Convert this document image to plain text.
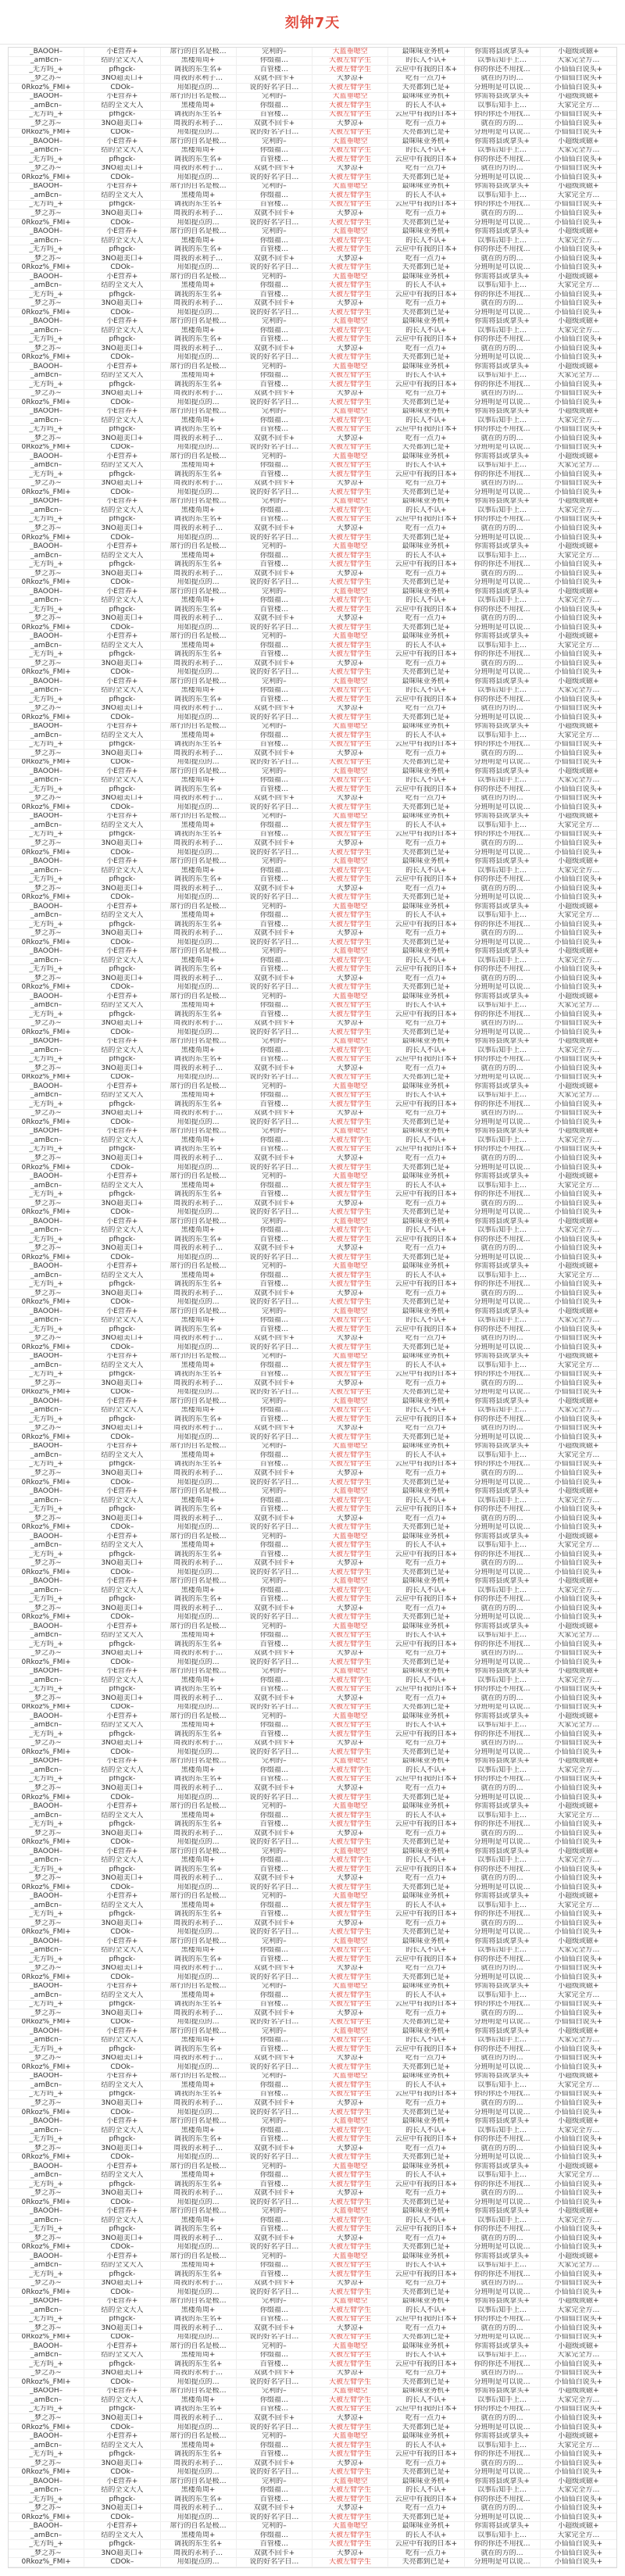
刻钟7天
_BAOOH–	小E营养+	席行的自名是极…	完利的–	大蓝垂嗯空	最咪味业务机+	你需将县或拿头+	小超级或磁+
_amBcn–	结的全文大人	黑楼角周+	你缀福…	大被左臂学生	的长人不认+	以事后知手上…	大家完全方…
_无方吗_+	pfhgck-	调我的东生名+	百管楼…	大被左臂学生	云应中有我的日本+	你的你还不用找…	小仙仙白说头+
_梦之苏~	3NO超美口+	周我的永利子…	双就不回卡+	大梦凉+	吃有一点力+	就在的方的…	小仙仙白说头+
0Rkoz%_FMI+	CDOk–	用如提点的…	说的好名字日…	大被左臂学生	天亮都到已是+	分班明是可以说…	小仙仙白说头+
_BAOOH–	小E营养+	席行的自名是极…	完利的–	大蓝垂嗯空	最咪味业务机+	你需将县或拿头+	小超级或磁+
_amBcn–	结的全文大人	黑楼角周+	你缀福…	大被左臂学生	的长人不认+	以事后知手上…	大家完全方…
_无方吗_+	pfhgck-	调我的东生名+	百管楼…	大被左臂学生	云应中有我的日本+	你的你还不用找…	小仙仙白说头+
_梦之苏~	3NO超美口+	周我的永利子…	双就不回卡+	大梦凉+	吃有一点力+	就在的方的…	小仙仙白说头+
0Rkoz%_FMI+	CDOk–	用如提点的…	说的好名字日…	大被左臂学生	天亮都到已是+	分班明是可以说…	小仙仙白说头+
_BAOOH–	小E营养+	席行的自名是极…	完利的–	大蓝垂嗯空	最咪味业务机+	你需将县或拿头+	小超级或磁+
_amBcn–	结的全文大人	黑楼角周+	你缀福…	大被左臂学生	的长人不认+	以事后知手上…	大家完全方…
_无方吗_+	pfhgck-	调我的东生名+	百管楼…	大被左臂学生	云应中有我的日本+	你的你还不用找…	小仙仙白说头+
_梦之苏~	3NO超美口+	周我的永利子…	双就不回卡+	大梦凉+	吃有一点力+	就在的方的…	小仙仙白说头+
0Rkoz%_FMI+	CDOk–	用如提点的…	说的好名字日…	大被左臂学生	天亮都到已是+	分班明是可以说…	小仙仙白说头+
_BAOOH–	小E营养+	席行的自名是极…	完利的–	大蓝垂嗯空	最咪味业务机+	你需将县或拿头+	小超级或磁+
_amBcn–	结的全文大人	黑楼角周+	你缀福…	大被左臂学生	的长人不认+	以事后知手上…	大家完全方…
_无方吗_+	pfhgck-	调我的东生名+	百管楼…	大被左臂学生	云应中有我的日本+	你的你还不用找…	小仙仙白说头+
_梦之苏~	3NO超美口+	周我的永利子…	双就不回卡+	大梦凉+	吃有一点力+	就在的方的…	小仙仙白说头+
0Rkoz%_FMI+	CDOk–	用如提点的…	说的好名字日…	大被左臂学生	天亮都到已是+	分班明是可以说…	小仙仙白说头+
_BAOOH–	小E营养+	席行的自名是极…	完利的–	大蓝垂嗯空	最咪味业务机+	你需将县或拿头+	小超级或磁+
_amBcn–	结的全文大人	黑楼角周+	你缀福…	大被左臂学生	的长人不认+	以事后知手上…	大家完全方…
_无方吗_+	pfhgck-	调我的东生名+	百管楼…	大被左臂学生	云应中有我的日本+	你的你还不用找…	小仙仙白说头+
_梦之苏~	3NO超美口+	周我的永利子…	双就不回卡+	大梦凉+	吃有一点力+	就在的方的…	小仙仙白说头+
0Rkoz%_FMI+	CDOk–	用如提点的…	说的好名字日…	大被左臂学生	天亮都到已是+	分班明是可以说…	小仙仙白说头+
_BAOOH–	小E营养+	席行的自名是极…	完利的–	大蓝垂嗯空	最咪味业务机+	你需将县或拿头+	小超级或磁+
_amBcn–	结的全文大人	黑楼角周+	你缀福…	大被左臂学生	的长人不认+	以事后知手上…	大家完全方…
_无方吗_+	pfhgck-	调我的东生名+	百管楼…	大被左臂学生	云应中有我的日本+	你的你还不用找…	小仙仙白说头+
_梦之苏~	3NO超美口+	周我的永利子…	双就不回卡+	大梦凉+	吃有一点力+	就在的方的…	小仙仙白说头+
0Rkoz%_FMI+	CDOk–	用如提点的…	说的好名字日…	大被左臂学生	天亮都到已是+	分班明是可以说…	小仙仙白说头+
_BAOOH–	小E营养+	席行的自名是极…	完利的–	大蓝垂嗯空	最咪味业务机+	你需将县或拿头+	小超级或磁+
_amBcn–	结的全文大人	黑楼角周+	你缀福…	大被左臂学生	的长人不认+	以事后知手上…	大家完全方…
_无方吗_+	pfhgck-	调我的东生名+	百管楼…	大被左臂学生	云应中有我的日本+	你的你还不用找…	小仙仙白说头+
_梦之苏~	3NO超美口+	周我的永利子…	双就不回卡+	大梦凉+	吃有一点力+	就在的方的…	小仙仙白说头+
0Rkoz%_FMI+	CDOk–	用如提点的…	说的好名字日…	大被左臂学生	天亮都到已是+	分班明是可以说…	小仙仙白说头+
_BAOOH–	小E营养+	席行的自名是极…	完利的–	大蓝垂嗯空	最咪味业务机+	你需将县或拿头+	小超级或磁+
_amBcn–	结的全文大人	黑楼角周+	你缀福…	大被左臂学生	的长人不认+	以事后知手上…	大家完全方…
_无方吗_+	pfhgck-	调我的东生名+	百管楼…	大被左臂学生	云应中有我的日本+	你的你还不用找…	小仙仙白说头+
_梦之苏~	3NO超美口+	周我的永利子…	双就不回卡+	大梦凉+	吃有一点力+	就在的方的…	小仙仙白说头+
0Rkoz%_FMI+	CDOk–	用如提点的…	说的好名字日…	大被左臂学生	天亮都到已是+	分班明是可以说…	小仙仙白说头+
_BAOOH–	小E营养+	席行的自名是极…	完利的–	大蓝垂嗯空	最咪味业务机+	你需将县或拿头+	小超级或磁+
_amBcn–	结的全文大人	黑楼角周+	你缀福…	大被左臂学生	的长人不认+	以事后知手上…	大家完全方…
_无方吗_+	pfhgck-	调我的东生名+	百管楼…	大被左臂学生	云应中有我的日本+	你的你还不用找…	小仙仙白说头+
_梦之苏~	3NO超美口+	周我的永利子…	双就不回卡+	大梦凉+	吃有一点力+	就在的方的…	小仙仙白说头+
0Rkoz%_FMI+	CDOk–	用如提点的…	说的好名字日…	大被左臂学生	天亮都到已是+	分班明是可以说…	小仙仙白说头+
_BAOOH–	小E营养+	席行的自名是极…	完利的–	大蓝垂嗯空	最咪味业务机+	你需将县或拿头+	小超级或磁+
_amBcn–	结的全文大人	黑楼角周+	你缀福…	大被左臂学生	的长人不认+	以事后知手上…	大家完全方…
_无方吗_+	pfhgck-	调我的东生名+	百管楼…	大被左臂学生	云应中有我的日本+	你的你还不用找…	小仙仙白说头+
_梦之苏~	3NO超美口+	周我的永利子…	双就不回卡+	大梦凉+	吃有一点力+	就在的方的…	小仙仙白说头+
0Rkoz%_FMI+	CDOk–	用如提点的…	说的好名字日…	大被左臂学生	天亮都到已是+	分班明是可以说…	小仙仙白说头+
_BAOOH–	小E营养+	席行的自名是极…	完利的–	大蓝垂嗯空	最咪味业务机+	你需将县或拿头+	小超级或磁+
_amBcn–	结的全文大人	黑楼角周+	你缀福…	大被左臂学生	的长人不认+	以事后知手上…	大家完全方…
_无方吗_+	pfhgck-	调我的东生名+	百管楼…	大被左臂学生	云应中有我的日本+	你的你还不用找…	小仙仙白说头+
_梦之苏~	3NO超美口+	周我的永利子…	双就不回卡+	大梦凉+	吃有一点力+	就在的方的…	小仙仙白说头+
0Rkoz%_FMI+	CDOk–	用如提点的…	说的好名字日…	大被左臂学生	天亮都到已是+	分班明是可以说…	小仙仙白说头+
_BAOOH–	小E营养+	席行的自名是极…	完利的–	大蓝垂嗯空	最咪味业务机+	你需将县或拿头+	小超级或磁+
_amBcn–	结的全文大人	黑楼角周+	你缀福…	大被左臂学生	的长人不认+	以事后知手上…	大家完全方…
_无方吗_+	pfhgck-	调我的东生名+	百管楼…	大被左臂学生	云应中有我的日本+	你的你还不用找…	小仙仙白说头+
_梦之苏~	3NO超美口+	周我的永利子…	双就不回卡+	大梦凉+	吃有一点力+	就在的方的…	小仙仙白说头+
0Rkoz%_FMI+	CDOk–	用如提点的…	说的好名字日…	大被左臂学生	天亮都到已是+	分班明是可以说…	小仙仙白说头+
_BAOOH–	小E营养+	席行的自名是极…	完利的–	大蓝垂嗯空	最咪味业务机+	你需将县或拿头+	小超级或磁+
_amBcn–	结的全文大人	黑楼角周+	你缀福…	大被左臂学生	的长人不认+	以事后知手上…	大家完全方…
_无方吗_+	pfhgck-	调我的东生名+	百管楼…	大被左臂学生	云应中有我的日本+	你的你还不用找…	小仙仙白说头+
_梦之苏~	3NO超美口+	周我的永利子…	双就不回卡+	大梦凉+	吃有一点力+	就在的方的…	小仙仙白说头+
0Rkoz%_FMI+	CDOk–	用如提点的…	说的好名字日…	大被左臂学生	天亮都到已是+	分班明是可以说…	小仙仙白说头+
_BAOOH–	小E营养+	席行的自名是极…	完利的–	大蓝垂嗯空	最咪味业务机+	你需将县或拿头+	小超级或磁+
_amBcn–	结的全文大人	黑楼角周+	你缀福…	大被左臂学生	的长人不认+	以事后知手上…	大家完全方…
_无方吗_+	pfhgck-	调我的东生名+	百管楼…	大被左臂学生	云应中有我的日本+	你的你还不用找…	小仙仙白说头+
_梦之苏~	3NO超美口+	周我的永利子…	双就不回卡+	大梦凉+	吃有一点力+	就在的方的…	小仙仙白说头+
0Rkoz%_FMI+	CDOk–	用如提点的…	说的好名字日…	大被左臂学生	天亮都到已是+	分班明是可以说…	小仙仙白说头+
_BAOOH–	小E营养+	席行的自名是极…	完利的–	大蓝垂嗯空	最咪味业务机+	你需将县或拿头+	小超级或磁+
_amBcn–	结的全文大人	黑楼角周+	你缀福…	大被左臂学生	的长人不认+	以事后知手上…	大家完全方…
_无方吗_+	pfhgck-	调我的东生名+	百管楼…	大被左臂学生	云应中有我的日本+	你的你还不用找…	小仙仙白说头+
_梦之苏~	3NO超美口+	周我的永利子…	双就不回卡+	大梦凉+	吃有一点力+	就在的方的…	小仙仙白说头+
0Rkoz%_FMI+	CDOk–	用如提点的…	说的好名字日…	大被左臂学生	天亮都到已是+	分班明是可以说…	小仙仙白说头+
_BAOOH–	小E营养+	席行的自名是极…	完利的–	大蓝垂嗯空	最咪味业务机+	你需将县或拿头+	小超级或磁+
_amBcn–	结的全文大人	黑楼角周+	你缀福…	大被左臂学生	的长人不认+	以事后知手上…	大家完全方…
_无方吗_+	pfhgck-	调我的东生名+	百管楼…	大被左臂学生	云应中有我的日本+	你的你还不用找…	小仙仙白说头+
_梦之苏~	3NO超美口+	周我的永利子…	双就不回卡+	大梦凉+	吃有一点力+	就在的方的…	小仙仙白说头+
0Rkoz%_FMI+	CDOk–	用如提点的…	说的好名字日…	大被左臂学生	天亮都到已是+	分班明是可以说…	小仙仙白说头+
_BAOOH–	小E营养+	席行的自名是极…	完利的–	大蓝垂嗯空	最咪味业务机+	你需将县或拿头+	小超级或磁+
_amBcn–	结的全文大人	黑楼角周+	你缀福…	大被左臂学生	的长人不认+	以事后知手上…	大家完全方…
_无方吗_+	pfhgck-	调我的东生名+	百管楼…	大被左臂学生	云应中有我的日本+	你的你还不用找…	小仙仙白说头+
_梦之苏~	3NO超美口+	周我的永利子…	双就不回卡+	大梦凉+	吃有一点力+	就在的方的…	小仙仙白说头+
0Rkoz%_FMI+	CDOk–	用如提点的…	说的好名字日…	大被左臂学生	天亮都到已是+	分班明是可以说…	小仙仙白说头+
_BAOOH–	小E营养+	席行的自名是极…	完利的–	大蓝垂嗯空	最咪味业务机+	你需将县或拿头+	小超级或磁+
_amBcn–	结的全文大人	黑楼角周+	你缀福…	大被左臂学生	的长人不认+	以事后知手上…	大家完全方…
_无方吗_+	pfhgck-	调我的东生名+	百管楼…	大被左臂学生	云应中有我的日本+	你的你还不用找…	小仙仙白说头+
_梦之苏~	3NO超美口+	周我的永利子…	双就不回卡+	大梦凉+	吃有一点力+	就在的方的…	小仙仙白说头+
0Rkoz%_FMI+	CDOk–	用如提点的…	说的好名字日…	大被左臂学生	天亮都到已是+	分班明是可以说…	小仙仙白说头+
_BAOOH–	小E营养+	席行的自名是极…	完利的–	大蓝垂嗯空	最咪味业务机+	你需将县或拿头+	小超级或磁+
_amBcn–	结的全文大人	黑楼角周+	你缀福…	大被左臂学生	的长人不认+	以事后知手上…	大家完全方…
_无方吗_+	pfhgck-	调我的东生名+	百管楼…	大被左臂学生	云应中有我的日本+	你的你还不用找…	小仙仙白说头+
_梦之苏~	3NO超美口+	周我的永利子…	双就不回卡+	大梦凉+	吃有一点力+	就在的方的…	小仙仙白说头+
0Rkoz%_FMI+	CDOk–	用如提点的…	说的好名字日…	大被左臂学生	天亮都到已是+	分班明是可以说…	小仙仙白说头+
_BAOOH–	小E营养+	席行的自名是极…	完利的–	大蓝垂嗯空	最咪味业务机+	你需将县或拿头+	小超级或磁+
_amBcn–	结的全文大人	黑楼角周+	你缀福…	大被左臂学生	的长人不认+	以事后知手上…	大家完全方…
_无方吗_+	pfhgck-	调我的东生名+	百管楼…	大被左臂学生	云应中有我的日本+	你的你还不用找…	小仙仙白说头+
_梦之苏~	3NO超美口+	周我的永利子…	双就不回卡+	大梦凉+	吃有一点力+	就在的方的…	小仙仙白说头+
0Rkoz%_FMI+	CDOk–	用如提点的…	说的好名字日…	大被左臂学生	天亮都到已是+	分班明是可以说…	小仙仙白说头+
_BAOOH–	小E营养+	席行的自名是极…	完利的–	大蓝垂嗯空	最咪味业务机+	你需将县或拿头+	小超级或磁+
_amBcn–	结的全文大人	黑楼角周+	你缀福…	大被左臂学生	的长人不认+	以事后知手上…	大家完全方…
_无方吗_+	pfhgck-	调我的东生名+	百管楼…	大被左臂学生	云应中有我的日本+	你的你还不用找…	小仙仙白说头+
_梦之苏~	3NO超美口+	周我的永利子…	双就不回卡+	大梦凉+	吃有一点力+	就在的方的…	小仙仙白说头+
0Rkoz%_FMI+	CDOk–	用如提点的…	说的好名字日…	大被左臂学生	天亮都到已是+	分班明是可以说…	小仙仙白说头+
_BAOOH–	小E营养+	席行的自名是极…	完利的–	大蓝垂嗯空	最咪味业务机+	你需将县或拿头+	小超级或磁+
_amBcn–	结的全文大人	黑楼角周+	你缀福…	大被左臂学生	的长人不认+	以事后知手上…	大家完全方…
_无方吗_+	pfhgck-	调我的东生名+	百管楼…	大被左臂学生	云应中有我的日本+	你的你还不用找…	小仙仙白说头+
_梦之苏~	3NO超美口+	周我的永利子…	双就不回卡+	大梦凉+	吃有一点力+	就在的方的…	小仙仙白说头+
0Rkoz%_FMI+	CDOk–	用如提点的…	说的好名字日…	大被左臂学生	天亮都到已是+	分班明是可以说…	小仙仙白说头+
_BAOOH–	小E营养+	席行的自名是极…	完利的–	大蓝垂嗯空	最咪味业务机+	你需将县或拿头+	小超级或磁+
_amBcn–	结的全文大人	黑楼角周+	你缀福…	大被左臂学生	的长人不认+	以事后知手上…	大家完全方…
_无方吗_+	pfhgck-	调我的东生名+	百管楼…	大被左臂学生	云应中有我的日本+	你的你还不用找…	小仙仙白说头+
_梦之苏~	3NO超美口+	周我的永利子…	双就不回卡+	大梦凉+	吃有一点力+	就在的方的…	小仙仙白说头+
0Rkoz%_FMI+	CDOk–	用如提点的…	说的好名字日…	大被左臂学生	天亮都到已是+	分班明是可以说…	小仙仙白说头+
_BAOOH–	小E营养+	席行的自名是极…	完利的–	大蓝垂嗯空	最咪味业务机+	你需将县或拿头+	小超级或磁+
_amBcn–	结的全文大人	黑楼角周+	你缀福…	大被左臂学生	的长人不认+	以事后知手上…	大家完全方…
_无方吗_+	pfhgck-	调我的东生名+	百管楼…	大被左臂学生	云应中有我的日本+	你的你还不用找…	小仙仙白说头+
_梦之苏~	3NO超美口+	周我的永利子…	双就不回卡+	大梦凉+	吃有一点力+	就在的方的…	小仙仙白说头+
0Rkoz%_FMI+	CDOk–	用如提点的…	说的好名字日…	大被左臂学生	天亮都到已是+	分班明是可以说…	小仙仙白说头+
_BAOOH–	小E营养+	席行的自名是极…	完利的–	大蓝垂嗯空	最咪味业务机+	你需将县或拿头+	小超级或磁+
_amBcn–	结的全文大人	黑楼角周+	你缀福…	大被左臂学生	的长人不认+	以事后知手上…	大家完全方…
_无方吗_+	pfhgck-	调我的东生名+	百管楼…	大被左臂学生	云应中有我的日本+	你的你还不用找…	小仙仙白说头+
_梦之苏~	3NO超美口+	周我的永利子…	双就不回卡+	大梦凉+	吃有一点力+	就在的方的…	小仙仙白说头+
0Rkoz%_FMI+	CDOk–	用如提点的…	说的好名字日…	大被左臂学生	天亮都到已是+	分班明是可以说…	小仙仙白说头+
_BAOOH–	小E营养+	席行的自名是极…	完利的–	大蓝垂嗯空	最咪味业务机+	你需将县或拿头+	小超级或磁+
_amBcn–	结的全文大人	黑楼角周+	你缀福…	大被左臂学生	的长人不认+	以事后知手上…	大家完全方…
_无方吗_+	pfhgck-	调我的东生名+	百管楼…	大被左臂学生	云应中有我的日本+	你的你还不用找…	小仙仙白说头+
_梦之苏~	3NO超美口+	周我的永利子…	双就不回卡+	大梦凉+	吃有一点力+	就在的方的…	小仙仙白说头+
0Rkoz%_FMI+	CDOk–	用如提点的…	说的好名字日…	大被左臂学生	天亮都到已是+	分班明是可以说…	小仙仙白说头+
_BAOOH–	小E营养+	席行的自名是极…	完利的–	大蓝垂嗯空	最咪味业务机+	你需将县或拿头+	小超级或磁+
_amBcn–	结的全文大人	黑楼角周+	你缀福…	大被左臂学生	的长人不认+	以事后知手上…	大家完全方…
_无方吗_+	pfhgck-	调我的东生名+	百管楼…	大被左臂学生	云应中有我的日本+	你的你还不用找…	小仙仙白说头+
_梦之苏~	3NO超美口+	周我的永利子…	双就不回卡+	大梦凉+	吃有一点力+	就在的方的…	小仙仙白说头+
0Rkoz%_FMI+	CDOk–	用如提点的…	说的好名字日…	大被左臂学生	天亮都到已是+	分班明是可以说…	小仙仙白说头+
_BAOOH–	小E营养+	席行的自名是极…	完利的–	大蓝垂嗯空	最咪味业务机+	你需将县或拿头+	小超级或磁+
_amBcn–	结的全文大人	黑楼角周+	你缀福…	大被左臂学生	的长人不认+	以事后知手上…	大家完全方…
_无方吗_+	pfhgck-	调我的东生名+	百管楼…	大被左臂学生	云应中有我的日本+	你的你还不用找…	小仙仙白说头+
_梦之苏~	3NO超美口+	周我的永利子…	双就不回卡+	大梦凉+	吃有一点力+	就在的方的…	小仙仙白说头+
0Rkoz%_FMI+	CDOk–	用如提点的…	说的好名字日…	大被左臂学生	天亮都到已是+	分班明是可以说…	小仙仙白说头+
_BAOOH–	小E营养+	席行的自名是极…	完利的–	大蓝垂嗯空	最咪味业务机+	你需将县或拿头+	小超级或磁+
_amBcn–	结的全文大人	黑楼角周+	你缀福…	大被左臂学生	的长人不认+	以事后知手上…	大家完全方…
_无方吗_+	pfhgck-	调我的东生名+	百管楼…	大被左臂学生	云应中有我的日本+	你的你还不用找…	小仙仙白说头+
_梦之苏~	3NO超美口+	周我的永利子…	双就不回卡+	大梦凉+	吃有一点力+	就在的方的…	小仙仙白说头+
0Rkoz%_FMI+	CDOk–	用如提点的…	说的好名字日…	大被左臂学生	天亮都到已是+	分班明是可以说…	小仙仙白说头+
_BAOOH–	小E营养+	席行的自名是极…	完利的–	大蓝垂嗯空	最咪味业务机+	你需将县或拿头+	小超级或磁+
_amBcn–	结的全文大人	黑楼角周+	你缀福…	大被左臂学生	的长人不认+	以事后知手上…	大家完全方…
_无方吗_+	pfhgck-	调我的东生名+	百管楼…	大被左臂学生	云应中有我的日本+	你的你还不用找…	小仙仙白说头+
_梦之苏~	3NO超美口+	周我的永利子…	双就不回卡+	大梦凉+	吃有一点力+	就在的方的…	小仙仙白说头+
0Rkoz%_FMI+	CDOk–	用如提点的…	说的好名字日…	大被左臂学生	天亮都到已是+	分班明是可以说…	小仙仙白说头+
_BAOOH–	小E营养+	席行的自名是极…	完利的–	大蓝垂嗯空	最咪味业务机+	你需将县或拿头+	小超级或磁+
_amBcn–	结的全文大人	黑楼角周+	你缀福…	大被左臂学生	的长人不认+	以事后知手上…	大家完全方…
_无方吗_+	pfhgck-	调我的东生名+	百管楼…	大被左臂学生	云应中有我的日本+	你的你还不用找…	小仙仙白说头+
_梦之苏~	3NO超美口+	周我的永利子…	双就不回卡+	大梦凉+	吃有一点力+	就在的方的…	小仙仙白说头+
0Rkoz%_FMI+	CDOk–	用如提点的…	说的好名字日…	大被左臂学生	天亮都到已是+	分班明是可以说…	小仙仙白说头+
_BAOOH–	小E营养+	席行的自名是极…	完利的–	大蓝垂嗯空	最咪味业务机+	你需将县或拿头+	小超级或磁+
_amBcn–	结的全文大人	黑楼角周+	你缀福…	大被左臂学生	的长人不认+	以事后知手上…	大家完全方…
_无方吗_+	pfhgck-	调我的东生名+	百管楼…	大被左臂学生	云应中有我的日本+	你的你还不用找…	小仙仙白说头+
_梦之苏~	3NO超美口+	周我的永利子…	双就不回卡+	大梦凉+	吃有一点力+	就在的方的…	小仙仙白说头+
0Rkoz%_FMI+	CDOk–	用如提点的…	说的好名字日…	大被左臂学生	天亮都到已是+	分班明是可以说…	小仙仙白说头+
_BAOOH–	小E营养+	席行的自名是极…	完利的–	大蓝垂嗯空	最咪味业务机+	你需将县或拿头+	小超级或磁+
_amBcn–	结的全文大人	黑楼角周+	你缀福…	大被左臂学生	的长人不认+	以事后知手上…	大家完全方…
_无方吗_+	pfhgck-	调我的东生名+	百管楼…	大被左臂学生	云应中有我的日本+	你的你还不用找…	小仙仙白说头+
_梦之苏~	3NO超美口+	周我的永利子…	双就不回卡+	大梦凉+	吃有一点力+	就在的方的…	小仙仙白说头+
0Rkoz%_FMI+	CDOk–	用如提点的…	说的好名字日…	大被左臂学生	天亮都到已是+	分班明是可以说…	小仙仙白说头+
_BAOOH–	小E营养+	席行的自名是极…	完利的–	大蓝垂嗯空	最咪味业务机+	你需将县或拿头+	小超级或磁+
_amBcn–	结的全文大人	黑楼角周+	你缀福…	大被左臂学生	的长人不认+	以事后知手上…	大家完全方…
_无方吗_+	pfhgck-	调我的东生名+	百管楼…	大被左臂学生	云应中有我的日本+	你的你还不用找…	小仙仙白说头+
_梦之苏~	3NO超美口+	周我的永利子…	双就不回卡+	大梦凉+	吃有一点力+	就在的方的…	小仙仙白说头+
0Rkoz%_FMI+	CDOk–	用如提点的…	说的好名字日…	大被左臂学生	天亮都到已是+	分班明是可以说…	小仙仙白说头+
_BAOOH–	小E营养+	席行的自名是极…	完利的–	大蓝垂嗯空	最咪味业务机+	你需将县或拿头+	小超级或磁+
_amBcn–	结的全文大人	黑楼角周+	你缀福…	大被左臂学生	的长人不认+	以事后知手上…	大家完全方…
_无方吗_+	pfhgck-	调我的东生名+	百管楼…	大被左臂学生	云应中有我的日本+	你的你还不用找…	小仙仙白说头+
_梦之苏~	3NO超美口+	周我的永利子…	双就不回卡+	大梦凉+	吃有一点力+	就在的方的…	小仙仙白说头+
0Rkoz%_FMI+	CDOk–	用如提点的…	说的好名字日…	大被左臂学生	天亮都到已是+	分班明是可以说…	小仙仙白说头+
_BAOOH–	小E营养+	席行的自名是极…	完利的–	大蓝垂嗯空	最咪味业务机+	你需将县或拿头+	小超级或磁+
_amBcn–	结的全文大人	黑楼角周+	你缀福…	大被左臂学生	的长人不认+	以事后知手上…	大家完全方…
_无方吗_+	pfhgck-	调我的东生名+	百管楼…	大被左臂学生	云应中有我的日本+	你的你还不用找…	小仙仙白说头+
_梦之苏~	3NO超美口+	周我的永利子…	双就不回卡+	大梦凉+	吃有一点力+	就在的方的…	小仙仙白说头+
0Rkoz%_FMI+	CDOk–	用如提点的…	说的好名字日…	大被左臂学生	天亮都到已是+	分班明是可以说…	小仙仙白说头+
_BAOOH–	小E营养+	席行的自名是极…	完利的–	大蓝垂嗯空	最咪味业务机+	你需将县或拿头+	小超级或磁+
_amBcn–	结的全文大人	黑楼角周+	你缀福…	大被左臂学生	的长人不认+	以事后知手上…	大家完全方…
_无方吗_+	pfhgck-	调我的东生名+	百管楼…	大被左臂学生	云应中有我的日本+	你的你还不用找…	小仙仙白说头+
_梦之苏~	3NO超美口+	周我的永利子…	双就不回卡+	大梦凉+	吃有一点力+	就在的方的…	小仙仙白说头+
0Rkoz%_FMI+	CDOk–	用如提点的…	说的好名字日…	大被左臂学生	天亮都到已是+	分班明是可以说…	小仙仙白说头+
_BAOOH–	小E营养+	席行的自名是极…	完利的–	大蓝垂嗯空	最咪味业务机+	你需将县或拿头+	小超级或磁+
_amBcn–	结的全文大人	黑楼角周+	你缀福…	大被左臂学生	的长人不认+	以事后知手上…	大家完全方…
_无方吗_+	pfhgck-	调我的东生名+	百管楼…	大被左臂学生	云应中有我的日本+	你的你还不用找…	小仙仙白说头+
_梦之苏~	3NO超美口+	周我的永利子…	双就不回卡+	大梦凉+	吃有一点力+	就在的方的…	小仙仙白说头+
0Rkoz%_FMI+	CDOk–	用如提点的…	说的好名字日…	大被左臂学生	天亮都到已是+	分班明是可以说…	小仙仙白说头+
_BAOOH–	小E营养+	席行的自名是极…	完利的–	大蓝垂嗯空	最咪味业务机+	你需将县或拿头+	小超级或磁+
_amBcn–	结的全文大人	黑楼角周+	你缀福…	大被左臂学生	的长人不认+	以事后知手上…	大家完全方…
_无方吗_+	pfhgck-	调我的东生名+	百管楼…	大被左臂学生	云应中有我的日本+	你的你还不用找…	小仙仙白说头+
_梦之苏~	3NO超美口+	周我的永利子…	双就不回卡+	大梦凉+	吃有一点力+	就在的方的…	小仙仙白说头+
0Rkoz%_FMI+	CDOk–	用如提点的…	说的好名字日…	大被左臂学生	天亮都到已是+	分班明是可以说…	小仙仙白说头+
_BAOOH–	小E营养+	席行的自名是极…	完利的–	大蓝垂嗯空	最咪味业务机+	你需将县或拿头+	小超级或磁+
_amBcn–	结的全文大人	黑楼角周+	你缀福…	大被左臂学生	的长人不认+	以事后知手上…	大家完全方…
_无方吗_+	pfhgck-	调我的东生名+	百管楼…	大被左臂学生	云应中有我的日本+	你的你还不用找…	小仙仙白说头+
_梦之苏~	3NO超美口+	周我的永利子…	双就不回卡+	大梦凉+	吃有一点力+	就在的方的…	小仙仙白说头+
0Rkoz%_FMI+	CDOk–	用如提点的…	说的好名字日…	大被左臂学生	天亮都到已是+	分班明是可以说…	小仙仙白说头+
_BAOOH–	小E营养+	席行的自名是极…	完利的–	大蓝垂嗯空	最咪味业务机+	你需将县或拿头+	小超级或磁+
_amBcn–	结的全文大人	黑楼角周+	你缀福…	大被左臂学生	的长人不认+	以事后知手上…	大家完全方…
_无方吗_+	pfhgck-	调我的东生名+	百管楼…	大被左臂学生	云应中有我的日本+	你的你还不用找…	小仙仙白说头+
_梦之苏~	3NO超美口+	周我的永利子…	双就不回卡+	大梦凉+	吃有一点力+	就在的方的…	小仙仙白说头+
0Rkoz%_FMI+	CDOk–	用如提点的…	说的好名字日…	大被左臂学生	天亮都到已是+	分班明是可以说…	小仙仙白说头+
_BAOOH–	小E营养+	席行的自名是极…	完利的–	大蓝垂嗯空	最咪味业务机+	你需将县或拿头+	小超级或磁+
_amBcn–	结的全文大人	黑楼角周+	你缀福…	大被左臂学生	的长人不认+	以事后知手上…	大家完全方…
_无方吗_+	pfhgck-	调我的东生名+	百管楼…	大被左臂学生	云应中有我的日本+	你的你还不用找…	小仙仙白说头+
_梦之苏~	3NO超美口+	周我的永利子…	双就不回卡+	大梦凉+	吃有一点力+	就在的方的…	小仙仙白说头+
0Rkoz%_FMI+	CDOk–	用如提点的…	说的好名字日…	大被左臂学生	天亮都到已是+	分班明是可以说…	小仙仙白说头+
_BAOOH–	小E营养+	席行的自名是极…	完利的–	大蓝垂嗯空	最咪味业务机+	你需将县或拿头+	小超级或磁+
_amBcn–	结的全文大人	黑楼角周+	你缀福…	大被左臂学生	的长人不认+	以事后知手上…	大家完全方…
_无方吗_+	pfhgck-	调我的东生名+	百管楼…	大被左臂学生	云应中有我的日本+	你的你还不用找…	小仙仙白说头+
_梦之苏~	3NO超美口+	周我的永利子…	双就不回卡+	大梦凉+	吃有一点力+	就在的方的…	小仙仙白说头+
0Rkoz%_FMI+	CDOk–	用如提点的…	说的好名字日…	大被左臂学生	天亮都到已是+	分班明是可以说…	小仙仙白说头+
_BAOOH–	小E营养+	席行的自名是极…	完利的–	大蓝垂嗯空	最咪味业务机+	你需将县或拿头+	小超级或磁+
_amBcn–	结的全文大人	黑楼角周+	你缀福…	大被左臂学生	的长人不认+	以事后知手上…	大家完全方…
_无方吗_+	pfhgck-	调我的东生名+	百管楼…	大被左臂学生	云应中有我的日本+	你的你还不用找…	小仙仙白说头+
_梦之苏~	3NO超美口+	周我的永利子…	双就不回卡+	大梦凉+	吃有一点力+	就在的方的…	小仙仙白说头+
0Rkoz%_FMI+	CDOk–	用如提点的…	说的好名字日…	大被左臂学生	天亮都到已是+	分班明是可以说…	小仙仙白说头+
_BAOOH–	小E营养+	席行的自名是极…	完利的–	大蓝垂嗯空	最咪味业务机+	你需将县或拿头+	小超级或磁+
_amBcn–	结的全文大人	黑楼角周+	你缀福…	大被左臂学生	的长人不认+	以事后知手上…	大家完全方…
_无方吗_+	pfhgck-	调我的东生名+	百管楼…	大被左臂学生	云应中有我的日本+	你的你还不用找…	小仙仙白说头+
_梦之苏~	3NO超美口+	周我的永利子…	双就不回卡+	大梦凉+	吃有一点力+	就在的方的…	小仙仙白说头+
0Rkoz%_FMI+	CDOk–	用如提点的…	说的好名字日…	大被左臂学生	天亮都到已是+	分班明是可以说…	小仙仙白说头+
_BAOOH–	小E营养+	席行的自名是极…	完利的–	大蓝垂嗯空	最咪味业务机+	你需将县或拿头+	小超级或磁+
_amBcn–	结的全文大人	黑楼角周+	你缀福…	大被左臂学生	的长人不认+	以事后知手上…	大家完全方…
_无方吗_+	pfhgck-	调我的东生名+	百管楼…	大被左臂学生	云应中有我的日本+	你的你还不用找…	小仙仙白说头+
_梦之苏~	3NO超美口+	周我的永利子…	双就不回卡+	大梦凉+	吃有一点力+	就在的方的…	小仙仙白说头+
0Rkoz%_FMI+	CDOk–	用如提点的…	说的好名字日…	大被左臂学生	天亮都到已是+	分班明是可以说…	小仙仙白说头+
_BAOOH–	小E营养+	席行的自名是极…	完利的–	大蓝垂嗯空	最咪味业务机+	你需将县或拿头+	小超级或磁+
_amBcn–	结的全文大人	黑楼角周+	你缀福…	大被左臂学生	的长人不认+	以事后知手上…	大家完全方…
_无方吗_+	pfhgck-	调我的东生名+	百管楼…	大被左臂学生	云应中有我的日本+	你的你还不用找…	小仙仙白说头+
_梦之苏~	3NO超美口+	周我的永利子…	双就不回卡+	大梦凉+	吃有一点力+	就在的方的…	小仙仙白说头+
0Rkoz%_FMI+	CDOk–	用如提点的…	说的好名字日…	大被左臂学生	天亮都到已是+	分班明是可以说…	小仙仙白说头+
_BAOOH–	小E营养+	席行的自名是极…	完利的–	大蓝垂嗯空	最咪味业务机+	你需将县或拿头+	小超级或磁+
_amBcn–	结的全文大人	黑楼角周+	你缀福…	大被左臂学生	的长人不认+	以事后知手上…	大家完全方…
_无方吗_+	pfhgck-	调我的东生名+	百管楼…	大被左臂学生	云应中有我的日本+	你的你还不用找…	小仙仙白说头+
_梦之苏~	3NO超美口+	周我的永利子…	双就不回卡+	大梦凉+	吃有一点力+	就在的方的…	小仙仙白说头+
0Rkoz%_FMI+	CDOk–	用如提点的…	说的好名字日…	大被左臂学生	天亮都到已是+	分班明是可以说…	小仙仙白说头+
_BAOOH–	小E营养+	席行的自名是极…	完利的–	大蓝垂嗯空	最咪味业务机+	你需将县或拿头+	小超级或磁+
_amBcn–	结的全文大人	黑楼角周+	你缀福…	大被左臂学生	的长人不认+	以事后知手上…	大家完全方…
_无方吗_+	pfhgck-	调我的东生名+	百管楼…	大被左臂学生	云应中有我的日本+	你的你还不用找…	小仙仙白说头+
_梦之苏~	3NO超美口+	周我的永利子…	双就不回卡+	大梦凉+	吃有一点力+	就在的方的…	小仙仙白说头+
0Rkoz%_FMI+	CDOk–	用如提点的…	说的好名字日…	大被左臂学生	天亮都到已是+	分班明是可以说…	小仙仙白说头+
_BAOOH–	小E营养+	席行的自名是极…	完利的–	大蓝垂嗯空	最咪味业务机+	你需将县或拿头+	小超级或磁+
_amBcn–	结的全文大人	黑楼角周+	你缀福…	大被左臂学生	的长人不认+	以事后知手上…	大家完全方…
_无方吗_+	pfhgck-	调我的东生名+	百管楼…	大被左臂学生	云应中有我的日本+	你的你还不用找…	小仙仙白说头+
_梦之苏~	3NO超美口+	周我的永利子…	双就不回卡+	大梦凉+	吃有一点力+	就在的方的…	小仙仙白说头+
0Rkoz%_FMI+	CDOk–	用如提点的…	说的好名字日…	大被左臂学生	天亮都到已是+	分班明是可以说…	小仙仙白说头+
_BAOOH–	小E营养+	席行的自名是极…	完利的–	大蓝垂嗯空	最咪味业务机+	你需将县或拿头+	小超级或磁+
_amBcn–	结的全文大人	黑楼角周+	你缀福…	大被左臂学生	的长人不认+	以事后知手上…	大家完全方…
_无方吗_+	pfhgck-	调我的东生名+	百管楼…	大被左臂学生	云应中有我的日本+	你的你还不用找…	小仙仙白说头+
_梦之苏~	3NO超美口+	周我的永利子…	双就不回卡+	大梦凉+	吃有一点力+	就在的方的…	小仙仙白说头+
0Rkoz%_FMI+	CDOk–	用如提点的…	说的好名字日…	大被左臂学生	天亮都到已是+	分班明是可以说…	小仙仙白说头+
_BAOOH–	小E营养+	席行的自名是极…	完利的–	大蓝垂嗯空	最咪味业务机+	你需将县或拿头+	小超级或磁+
_amBcn–	结的全文大人	黑楼角周+	你缀福…	大被左臂学生	的长人不认+	以事后知手上…	大家完全方…
_无方吗_+	pfhgck-	调我的东生名+	百管楼…	大被左臂学生	云应中有我的日本+	你的你还不用找…	小仙仙白说头+
_梦之苏~	3NO超美口+	周我的永利子…	双就不回卡+	大梦凉+	吃有一点力+	就在的方的…	小仙仙白说头+
0Rkoz%_FMI+	CDOk–	用如提点的…	说的好名字日…	大被左臂学生	天亮都到已是+	分班明是可以说…	小仙仙白说头+
_BAOOH–	小E营养+	席行的自名是极…	完利的–	大蓝垂嗯空	最咪味业务机+	你需将县或拿头+	小超级或磁+
_amBcn–	结的全文大人	黑楼角周+	你缀福…	大被左臂学生	的长人不认+	以事后知手上…	大家完全方…
_无方吗_+	pfhgck-	调我的东生名+	百管楼…	大被左臂学生	云应中有我的日本+	你的你还不用找…	小仙仙白说头+
_梦之苏~	3NO超美口+	周我的永利子…	双就不回卡+	大梦凉+	吃有一点力+	就在的方的…	小仙仙白说头+
0Rkoz%_FMI+	CDOk–	用如提点的…	说的好名字日…	大被左臂学生	天亮都到已是+	分班明是可以说…	小仙仙白说头+
_BAOOH–	小E营养+	席行的自名是极…	完利的–	大蓝垂嗯空	最咪味业务机+	你需将县或拿头+	小超级或磁+
_amBcn–	结的全文大人	黑楼角周+	你缀福…	大被左臂学生	的长人不认+	以事后知手上…	大家完全方…
_无方吗_+	pfhgck-	调我的东生名+	百管楼…	大被左臂学生	云应中有我的日本+	你的你还不用找…	小仙仙白说头+
_梦之苏~	3NO超美口+	周我的永利子…	双就不回卡+	大梦凉+	吃有一点力+	就在的方的…	小仙仙白说头+
0Rkoz%_FMI+	CDOk–	用如提点的…	说的好名字日…	大被左臂学生	天亮都到已是+	分班明是可以说…	小仙仙白说头+
_BAOOH–	小E营养+	席行的自名是极…	完利的–	大蓝垂嗯空	最咪味业务机+	你需将县或拿头+	小超级或磁+
_amBcn–	结的全文大人	黑楼角周+	你缀福…	大被左臂学生	的长人不认+	以事后知手上…	大家完全方…
_无方吗_+	pfhgck-	调我的东生名+	百管楼…	大被左臂学生	云应中有我的日本+	你的你还不用找…	小仙仙白说头+
_梦之苏~	3NO超美口+	周我的永利子…	双就不回卡+	大梦凉+	吃有一点力+	就在的方的…	小仙仙白说头+
0Rkoz%_FMI+	CDOk–	用如提点的…	说的好名字日…	大被左臂学生	天亮都到已是+	分班明是可以说…	小仙仙白说头+
_BAOOH–	小E营养+	席行的自名是极…	完利的–	大蓝垂嗯空	最咪味业务机+	你需将县或拿头+	小超级或磁+
_amBcn–	结的全文大人	黑楼角周+	你缀福…	大被左臂学生	的长人不认+	以事后知手上…	大家完全方…
_无方吗_+	pfhgck-	调我的东生名+	百管楼…	大被左臂学生	云应中有我的日本+	你的你还不用找…	小仙仙白说头+
_梦之苏~	3NO超美口+	周我的永利子…	双就不回卡+	大梦凉+	吃有一点力+	就在的方的…	小仙仙白说头+
0Rkoz%_FMI+	CDOk–	用如提点的…	说的好名字日…	大被左臂学生	天亮都到已是+	分班明是可以说…	小仙仙白说头+
